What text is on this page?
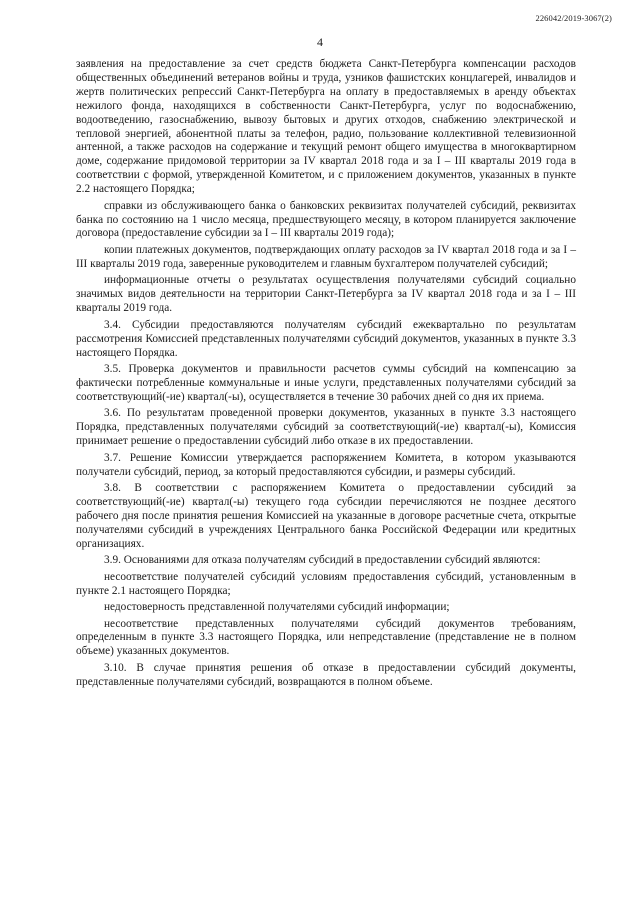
226042/2019-3067(2)
4

заявления на предоставление за счет средств бюджета Санкт-Петербурга компенсации расходов общественных объединений ветеранов войны и труда, узников фашистских концлагерей, инвалидов и жертв политических репрессий Санкт-Петербурга на оплату в предоставляемых в аренду объектах нежилого фонда, находящихся в собственности Санкт-Петербурга, услуг по водоснабжению, водоотведению, газоснабжению, вывозу бытовых и других отходов, снабжению электрической и тепловой энергией, абонентной платы за телефон, радио, пользование коллективной телевизионной антенной, а также расходов на содержание и текущий ремонт общего имущества в многоквартирном доме, содержание придомовой территории за IV квартал 2018 года и за I – III кварталы 2019 года в соответствии с формой, утвержденной Комитетом, и с приложением документов, указанных в пункте 2.2 настоящего Порядка;

справки из обслуживающего банка о банковских реквизитах получателей субсидий, реквизитах банка по состоянию на 1 число месяца, предшествующего месяцу, в котором планируется заключение договора (предоставление субсидии за I – III кварталы 2019 года);

копии платежных документов, подтверждающих оплату расходов за IV квартал 2018 года и за I – III кварталы 2019 года, заверенные руководителем и главным бухгалтером получателей субсидий;

информационные отчеты о результатах осуществления получателями субсидий социально значимых видов деятельности на территории Санкт-Петербурга за IV квартал 2018 года и за I – III кварталы 2019 года.

3.4. Субсидии предоставляются получателям субсидий ежеквартально по результатам рассмотрения Комиссией представленных получателями субсидий документов, указанных в пункте 3.3 настоящего Порядка.

3.5. Проверка документов и правильности расчетов суммы субсидий на компенсацию за фактически потребленные коммунальные и иные услуги, представленных получателями субсидий за соответствующий(-ие) квартал(-ы), осуществляется в течение 30 рабочих дней со дня их приема.

3.6. По результатам проведенной проверки документов, указанных в пункте 3.3 настоящего Порядка, представленных получателями субсидий за соответствующий(-ие) квартал(-ы), Комиссия принимает решение о предоставлении субсидий либо отказе в их предоставлении.

3.7. Решение Комиссии утверждается распоряжением Комитета, в котором указываются получатели субсидий, период, за который предоставляются субсидии, и размеры субсидий.

3.8. В соответствии с распоряжением Комитета о предоставлении субсидий за соответствующий(-ие) квартал(-ы) текущего года субсидии перечисляются не позднее десятого рабочего дня после принятия решения Комиссией на указанные в договоре расчетные счета, открытые получателями субсидий в учреждениях Центрального банка Российской Федерации или кредитных организациях.

3.9. Основаниями для отказа получателям субсидий в предоставлении субсидий являются:

несоответствие получателей субсидий условиям предоставления субсидий, установленным в пункте 2.1 настоящего Порядка;

недостоверность представленной получателями субсидий информации;

несоответствие представленных получателями субсидий документов требованиям, определенным в пункте 3.3 настоящего Порядка, или непредставление (представление не в полном объеме) указанных документов.

3.10. В случае принятия решения об отказе в предоставлении субсидий документы, представленные получателями субсидий, возвращаются в полном объеме.
